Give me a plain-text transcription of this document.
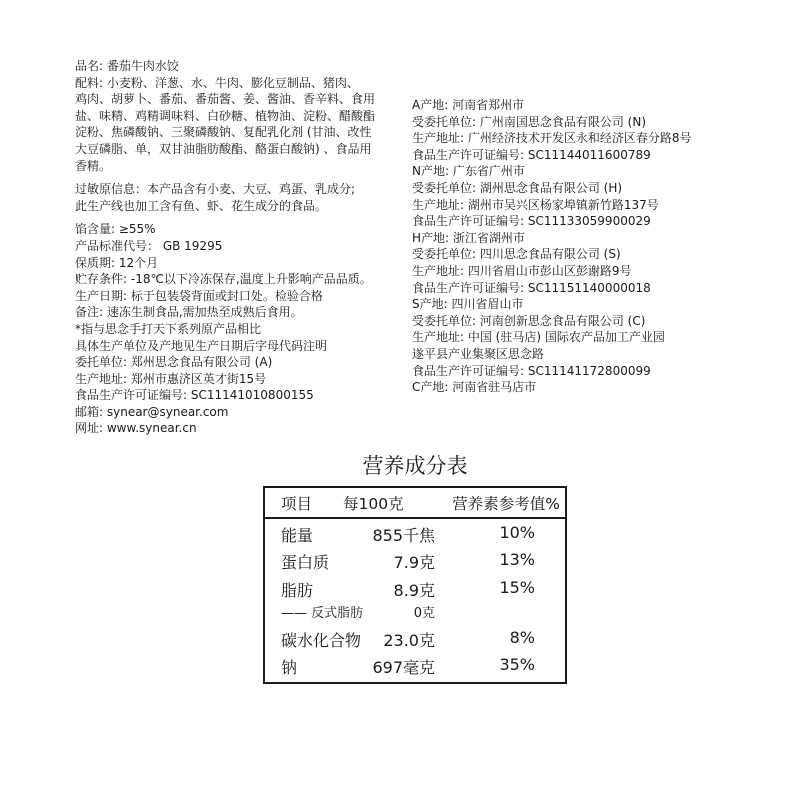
品名: 番茄牛肉水饺
配料: 小麦粉、洋葱、水、牛肉、膨化豆制品、猪肉、
鸡肉、胡萝卜、番茄、番茄酱、姜、酱油、香辛料、食用
盐、味精、鸡精调味料、白砂糖、植物油、淀粉、醋酸酯
淀粉、焦磷酸钠、三聚磷酸钠、复配乳化剂 (甘油、改性
大豆磷脂、单，双甘油脂肪酸酯、酪蛋白酸钠) 、食品用
香精。
过敏原信息：本产品含有小麦、大豆、鸡蛋、乳成分;
此生产线也加工含有鱼、虾、花生成分的食品。
馅含量: ≥55%
产品标准代号： GB 19295
保质期: 12个月
贮存条件: -18℃以下冷冻保存,温度上升影响产品品质。
生产日期: 标于包装袋背面或封口处。检验合格
备注: 速冻生制食品,需加热至成熟后食用。
*指与思念手打天下系列原产品相比
具体生产单位及产地见生产日期后字母代码注明
委托单位: 郑州思念食品有限公司 (A)
生产地址: 郑州市惠济区英才街15号
食品生产许可证编号: SC11141010800155
邮箱: synear@synear.com
网址: www.synear.cn
A产地: 河南省郑州市
受委托单位: 广州南国思念食品有限公司 (N)
生产地址: 广州经济技术开发区永和经济区春分路8号
食品生产许可证编号: SC11144011600789
N产地: 广东省广州市
受委托单位: 湖州思念食品有限公司 (H)
生产地址: 湖州市吴兴区杨家埠镇新竹路137号
食品生产许可证编号: SC11133059900029
H产地: 浙江省湖州市
受委托单位: 四川思念食品有限公司 (S)
生产地址: 四川省眉山市彭山区彭谢路9号
食品生产许可证编号: SC11151140000018
S产地: 四川省眉山市
受委托单位: 河南创新思念食品有限公司 (C)
生产地址: 中国 (驻马店) 国际农产品加工产业园
遂平县产业集聚区思念路
食品生产许可证编号: SC11141172800099
C产地: 河南省驻马店市
营养成分表
项目 每100克	营养素参考值%
能量	855千焦	10%
蛋白质	7.9克	13%
脂肪	8.9克	15%
—— 反式脂肪	0克
碳水化合物 23.0克	8%
钠	697毫克	35%
